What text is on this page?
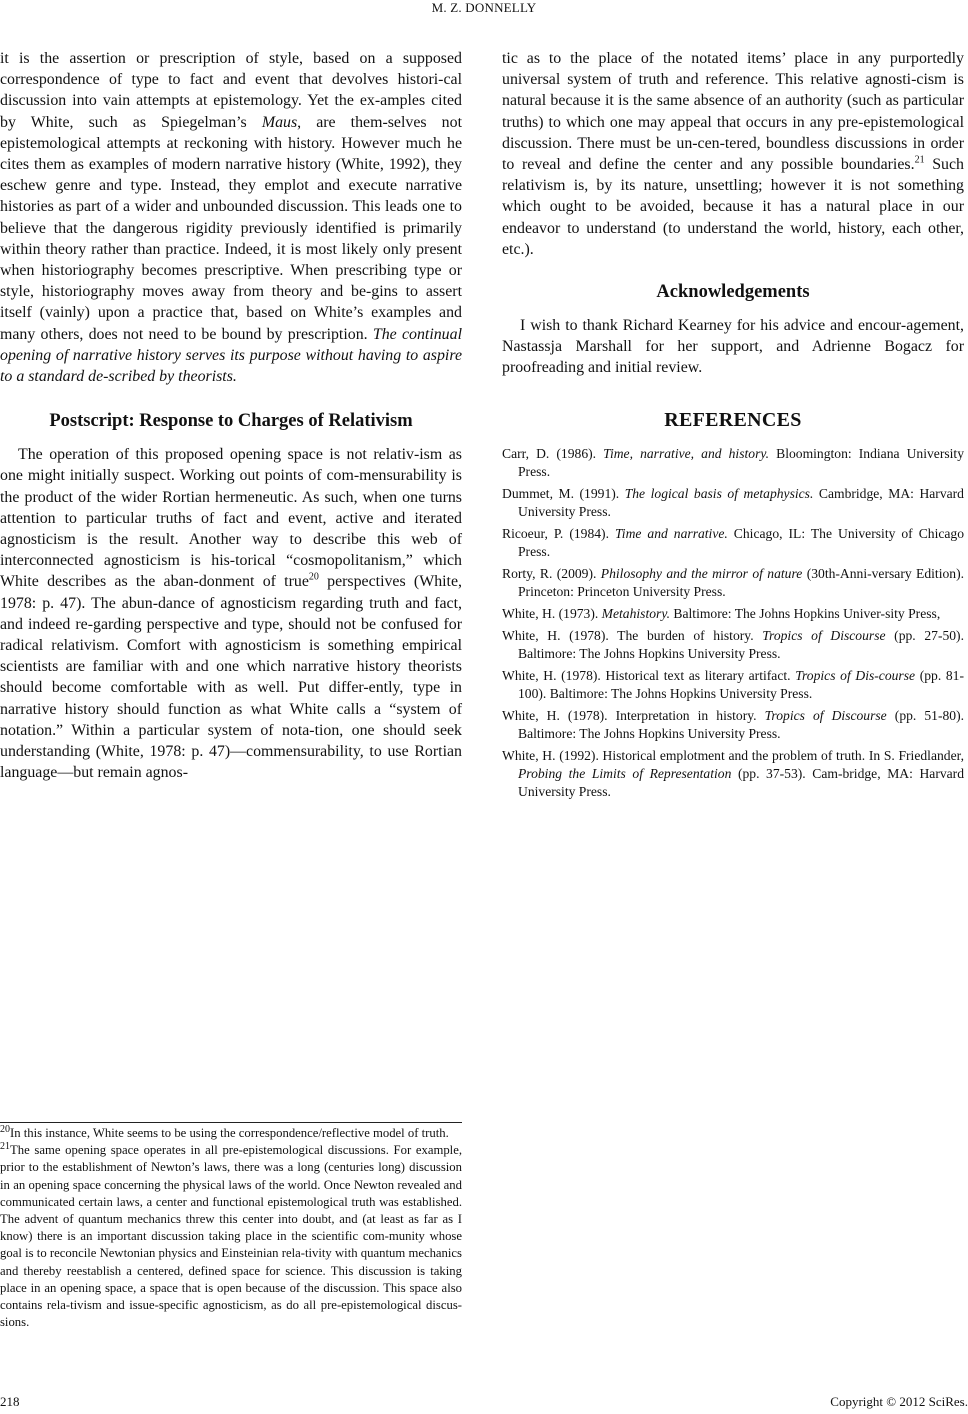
M. Z. DONNELLY

it is the assertion or prescription of style, based on a supposed correspondence of type to fact and event that devolves histori-cal discussion into vain attempts at epistemology. Yet the ex-amples cited by White, such as Spiegelman’s Maus, are them-selves not epistemological attempts at reckoning with history. However much he cites them as examples of modern narrative history (White, 1992), they eschew genre and type. Instead, they emplot and execute narrative histories as part of a wider and unbounded discussion. This leads one to believe that the dangerous rigidity previously identified is primarily within theory rather than practice. Indeed, it is most likely only present when historiography becomes prescriptive. When prescribing type or style, historiography moves away from theory and be-gins to assert itself (vainly) upon a practice that, based on White’s examples and many others, does not need to be bound by prescription. The continual opening of narrative history serves its purpose without having to aspire to a standard de-scribed by theorists.

Postscript: Response to Charges of Relativism

The operation of this proposed opening space is not relativ-ism as one might initially suspect. Working out points of com-mensurability is the product of the wider Rortian hermeneutic. As such, when one turns attention to particular truths of fact and event, active and iterated agnosticism is the result. Another way to describe this web of interconnected agnosticism is his-torical “cosmopolitanism,” which White describes as the aban-donment of true$^{20}$ perspectives (White, 1978: p. 47). The abun-dance of agnosticism regarding truth and fact, and indeed re-garding perspective and type, should not be confused for radical relativism. Comfort with agnosticism is something empirical scientists are familiar with and one which narrative history theorists should become comfortable with as well. Put differ-ently, type in narrative history should function as what White calls a “system of notation.” Within a particular system of nota-tion, one should seek understanding (White, 1978: p. 47)—commensurability, to use Rortian language—but remain agnos-

tic as to the place of the notated items’ place in any purportedly universal system of truth and reference. This relative agnosti-cism is natural because it is the same absence of an authority (such as particular truths) to which one may appeal that occurs in any pre-epistemological discussion. There must be un-cen-tered, boundless discussions in order to reveal and define the center and any possible boundaries.$^{21}$ Such relativism is, by its nature, unsettling; however it is not something which ought to be avoided, because it has a natural place in our endeavor to understand (to understand the world, history, each other, etc.).

Acknowledgements

I wish to thank Richard Kearney for his advice and encour-agement, Nastassja Marshall for her support, and Adrienne Bogacz for proofreading and initial review.

REFERENCES

Carr, D. (1986). Time, narrative, and history. Bloomington: Indiana University Press.

Dummet, M. (1991). The logical basis of metaphysics. Cambridge, MA: Harvard University Press.

Ricoeur, P. (1984). Time and narrative. Chicago, IL: The University of Chicago Press.

Rorty, R. (2009). Philosophy and the mirror of nature (30th-Anni-versary Edition). Princeton: Princeton University Press.

White, H. (1973). Metahistory. Baltimore: The Johns Hopkins Univer-sity Press,

White, H. (1978). The burden of history. Tropics of Discourse (pp. 27-50). Baltimore: The Johns Hopkins University Press.

White, H. (1978). Historical text as literary artifact. Tropics of Dis-course (pp. 81-100). Baltimore: The Johns Hopkins University Press.

White, H. (1978). Interpretation in history. Tropics of Discourse (pp. 51-80). Baltimore: The Johns Hopkins University Press.

White, H. (1992). Historical emplotment and the problem of truth. In S. Friedlander, Probing the Limits of Representation (pp. 37-53). Cam-bridge, MA: Harvard University Press.

$^{20}$In this instance, White seems to be using the correspondence/reflective model of truth.

$^{21}$The same opening space operates in all pre-epistemological discussions. For example, prior to the establishment of Newton’s laws, there was a long (centuries long) discussion in an opening space concerning the physical laws of the world. Once Newton revealed and communicated certain laws, a center and functional epistemological truth was established. The advent of quantum mechanics threw this center into doubt, and (at least as far as I know) there is an important discussion taking place in the scientific com-munity whose goal is to reconcile Newtonian physics and Einsteinian rela-tivity with quantum mechanics and thereby reestablish a centered, defined space for science. This discussion is taking place in an opening space, a space that is open because of the discussion. This space also contains rela-tivism and issue-specific agnosticism, as do all pre-epistemological discus-sions.

218	Copyright © 2012 SciRes.
